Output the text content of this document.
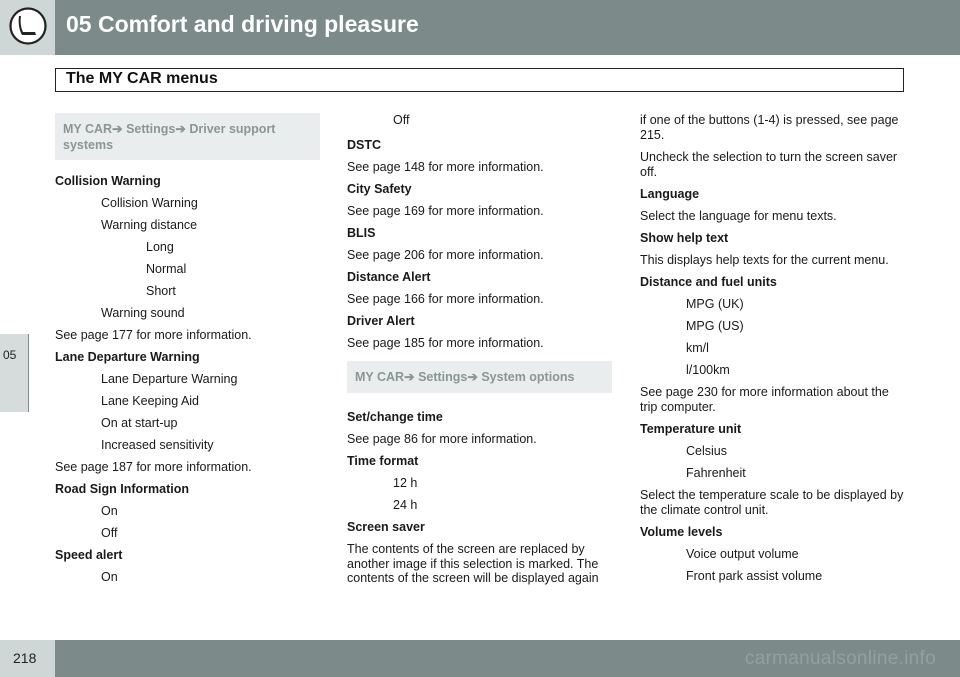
05 Comfort and driving pleasure
The MY CAR menus
05
MY CAR➔ Settings➔ Driver support systems
Collision Warning
Collision Warning
Warning distance
Long
Normal
Short
Warning sound
See page 177 for more information.
Lane Departure Warning
Lane Departure Warning
Lane Keeping Aid
On at start-up
Increased sensitivity
See page 187 for more information.
Road Sign Information
On
Off
Speed alert
On
Off
DSTC
See page 148 for more information.
City Safety
See page 169 for more information.
BLIS
See page 206 for more information.
Distance Alert
See page 166 for more information.
Driver Alert
See page 185 for more information.
MY CAR➔ Settings➔ System options
Set/change time
See page 86 for more information.
Time format
12 h
24 h
Screen saver
The contents of the screen are replaced by another image if this selection is marked. The contents of the screen will be displayed again
if one of the buttons (1-4) is pressed, see page 215.
Uncheck the selection to turn the screen saver off.
Language
Select the language for menu texts.
Show help text
This displays help texts for the current menu.
Distance and fuel units
MPG (UK)
MPG (US)
km/l
l/100km
See page 230 for more information about the trip computer.
Temperature unit
Celsius
Fahrenheit
Select the temperature scale to be displayed by the climate control unit.
Volume levels
Voice output volume
Front park assist volume
218	carmanualsonline.info
